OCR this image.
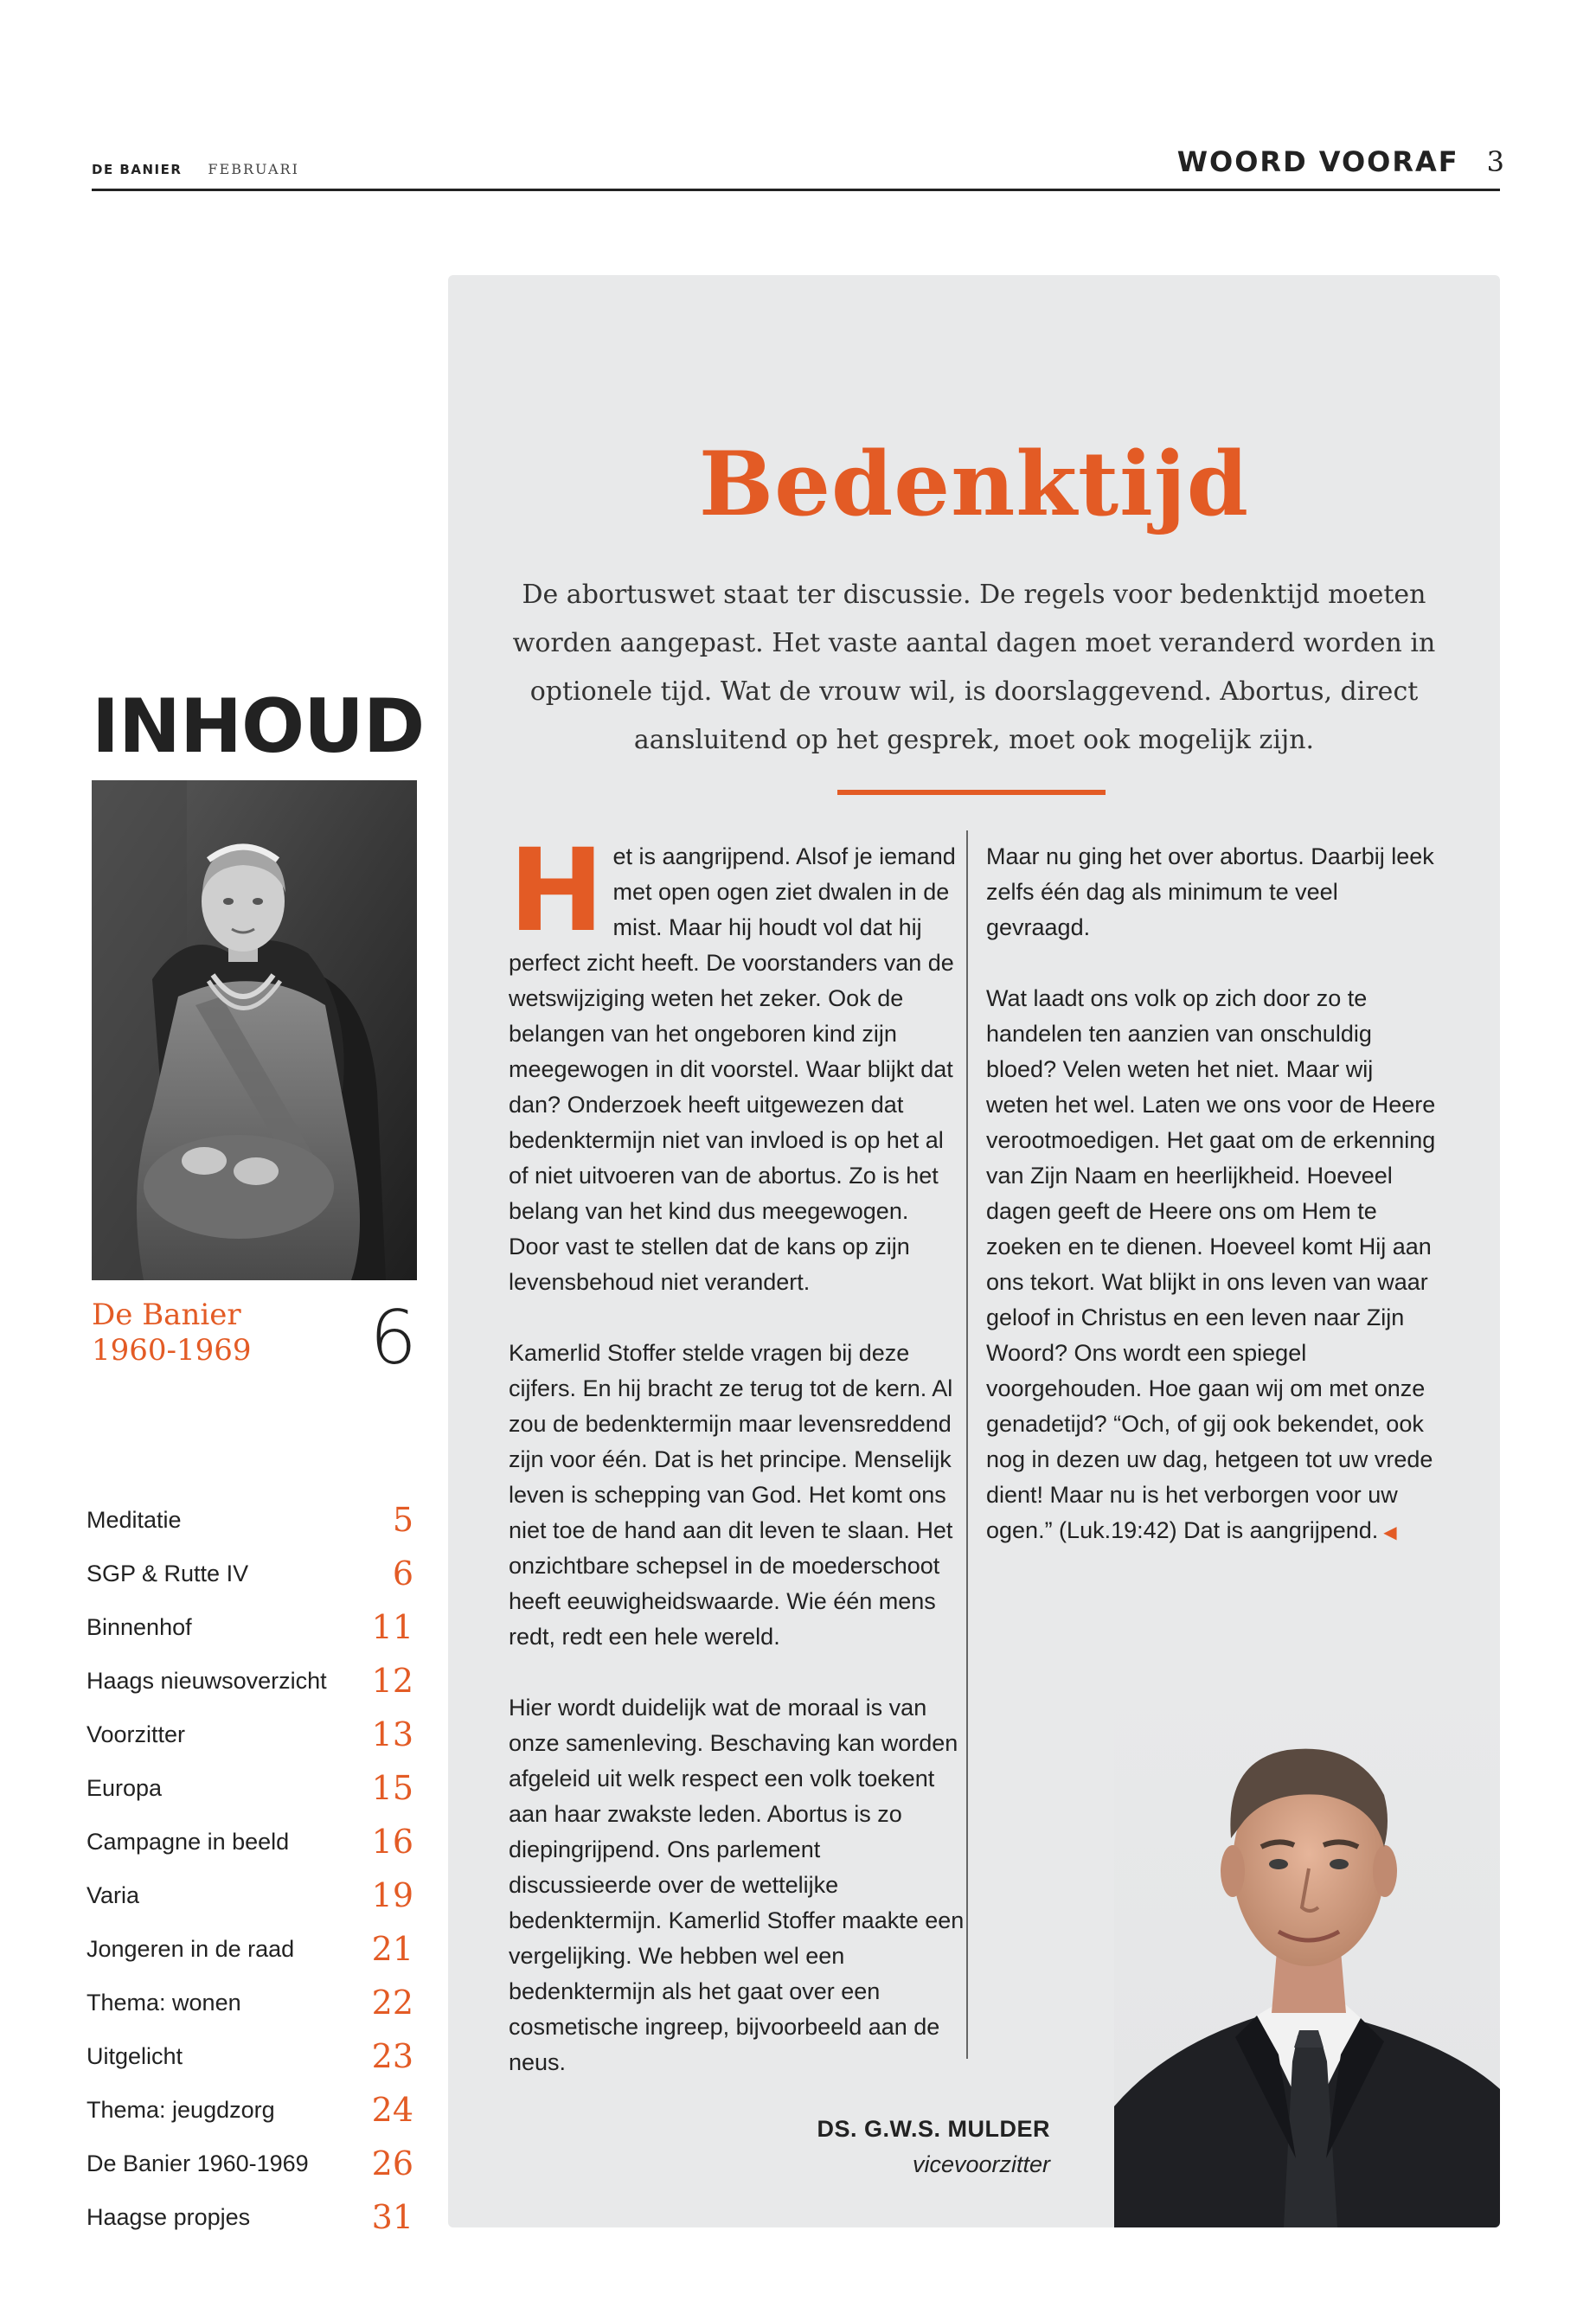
DE BANIER FEBRUARI	WOORD VOORAF 3
INHOUD
De Banier
1960-1969	6
Meditatie	5
SGP & Rutte IV	6
Binnenhof	11
Haags nieuwsoverzicht 12
Voorzitter	13
Europa	15
Campagne in beeld	16
Varia	19
Jongeren in de raad 21
Thema: wonen	22
Uitgelicht	23
Thema: jeugdzorg	24
De Banier 1960-1969 26
Haagse propjes	31
Bedenktijd

De abortuswet staat ter discussie. De regels voor bedenktijd moeten worden aangepast. Het vaste aantal dagen moet veranderd worden in optionele tijd. Wat de vrouw wil, is doorslaggevend. Abortus, direct aansluitend op het gesprek, moet ook mogelijk zijn.

Het is aangrijpend. Alsof je iemand met open ogen ziet dwalen in de mist. Maar hij houdt vol dat hij perfect zicht heeft. De voorstanders van de wetswijziging weten het zeker. Ook de belangen van het ongeboren kind zijn meegewogen in dit voorstel. Waar blijkt dat dan? Onderzoek heeft uitgewezen dat bedenktermijn niet van invloed is op het al of niet uitvoeren van de abortus. Zo is het belang van het kind dus meegewogen. Door vast te stellen dat de kans op zijn levensbehoud niet verandert.

Kamerlid Stoffer stelde vragen bij deze cijfers. En hij bracht ze terug tot de kern. Al zou de bedenktermijn maar levensreddend zijn voor één. Dat is het principe. Menselijk leven is schepping van God. Het komt ons niet toe de hand aan dit leven te slaan. Het onzichtbare schepsel in de moederschoot heeft eeuwigheidswaarde. Wie één mens redt, redt een hele wereld.

Hier wordt duidelijk wat de moraal is van onze samenleving. Beschaving kan worden afgeleid uit welk respect een volk toekent aan haar zwakste leden. Abortus is zo diepingrijpend. Ons parlement discussieerde over de wettelijke bedenktermijn. Kamerlid Stoffer maakte een vergelijking. We hebben wel een bedenktermijn als het gaat over een cosmetische ingreep, bijvoorbeeld aan de neus.

Maar nu ging het over abortus. Daarbij leek zelfs één dag als minimum te veel gevraagd.

Wat laadt ons volk op zich door zo te handelen ten aanzien van onschuldig bloed? Velen weten het niet. Maar wij weten het wel. Laten we ons voor de Heere verootmoedigen. Het gaat om de erkenning van Zijn Naam en heerlijkheid. Hoeveel dagen geeft de Heere ons om Hem te zoeken en te dienen. Hoeveel komt Hij aan ons tekort. Wat blijkt in ons leven van waar geloof in Christus en een leven naar Zijn Woord? Ons wordt een spiegel voorgehouden. Hoe gaan wij om met onze genadetijd? “Och, of gij ook bekendet, ook nog in dezen uw dag, hetgeen tot uw vrede dient! Maar nu is het verborgen voor uw ogen.” (Luk.19:42) Dat is aangrijpend. ◀

DS. G.W.S. MULDER
vicevoorzitter
